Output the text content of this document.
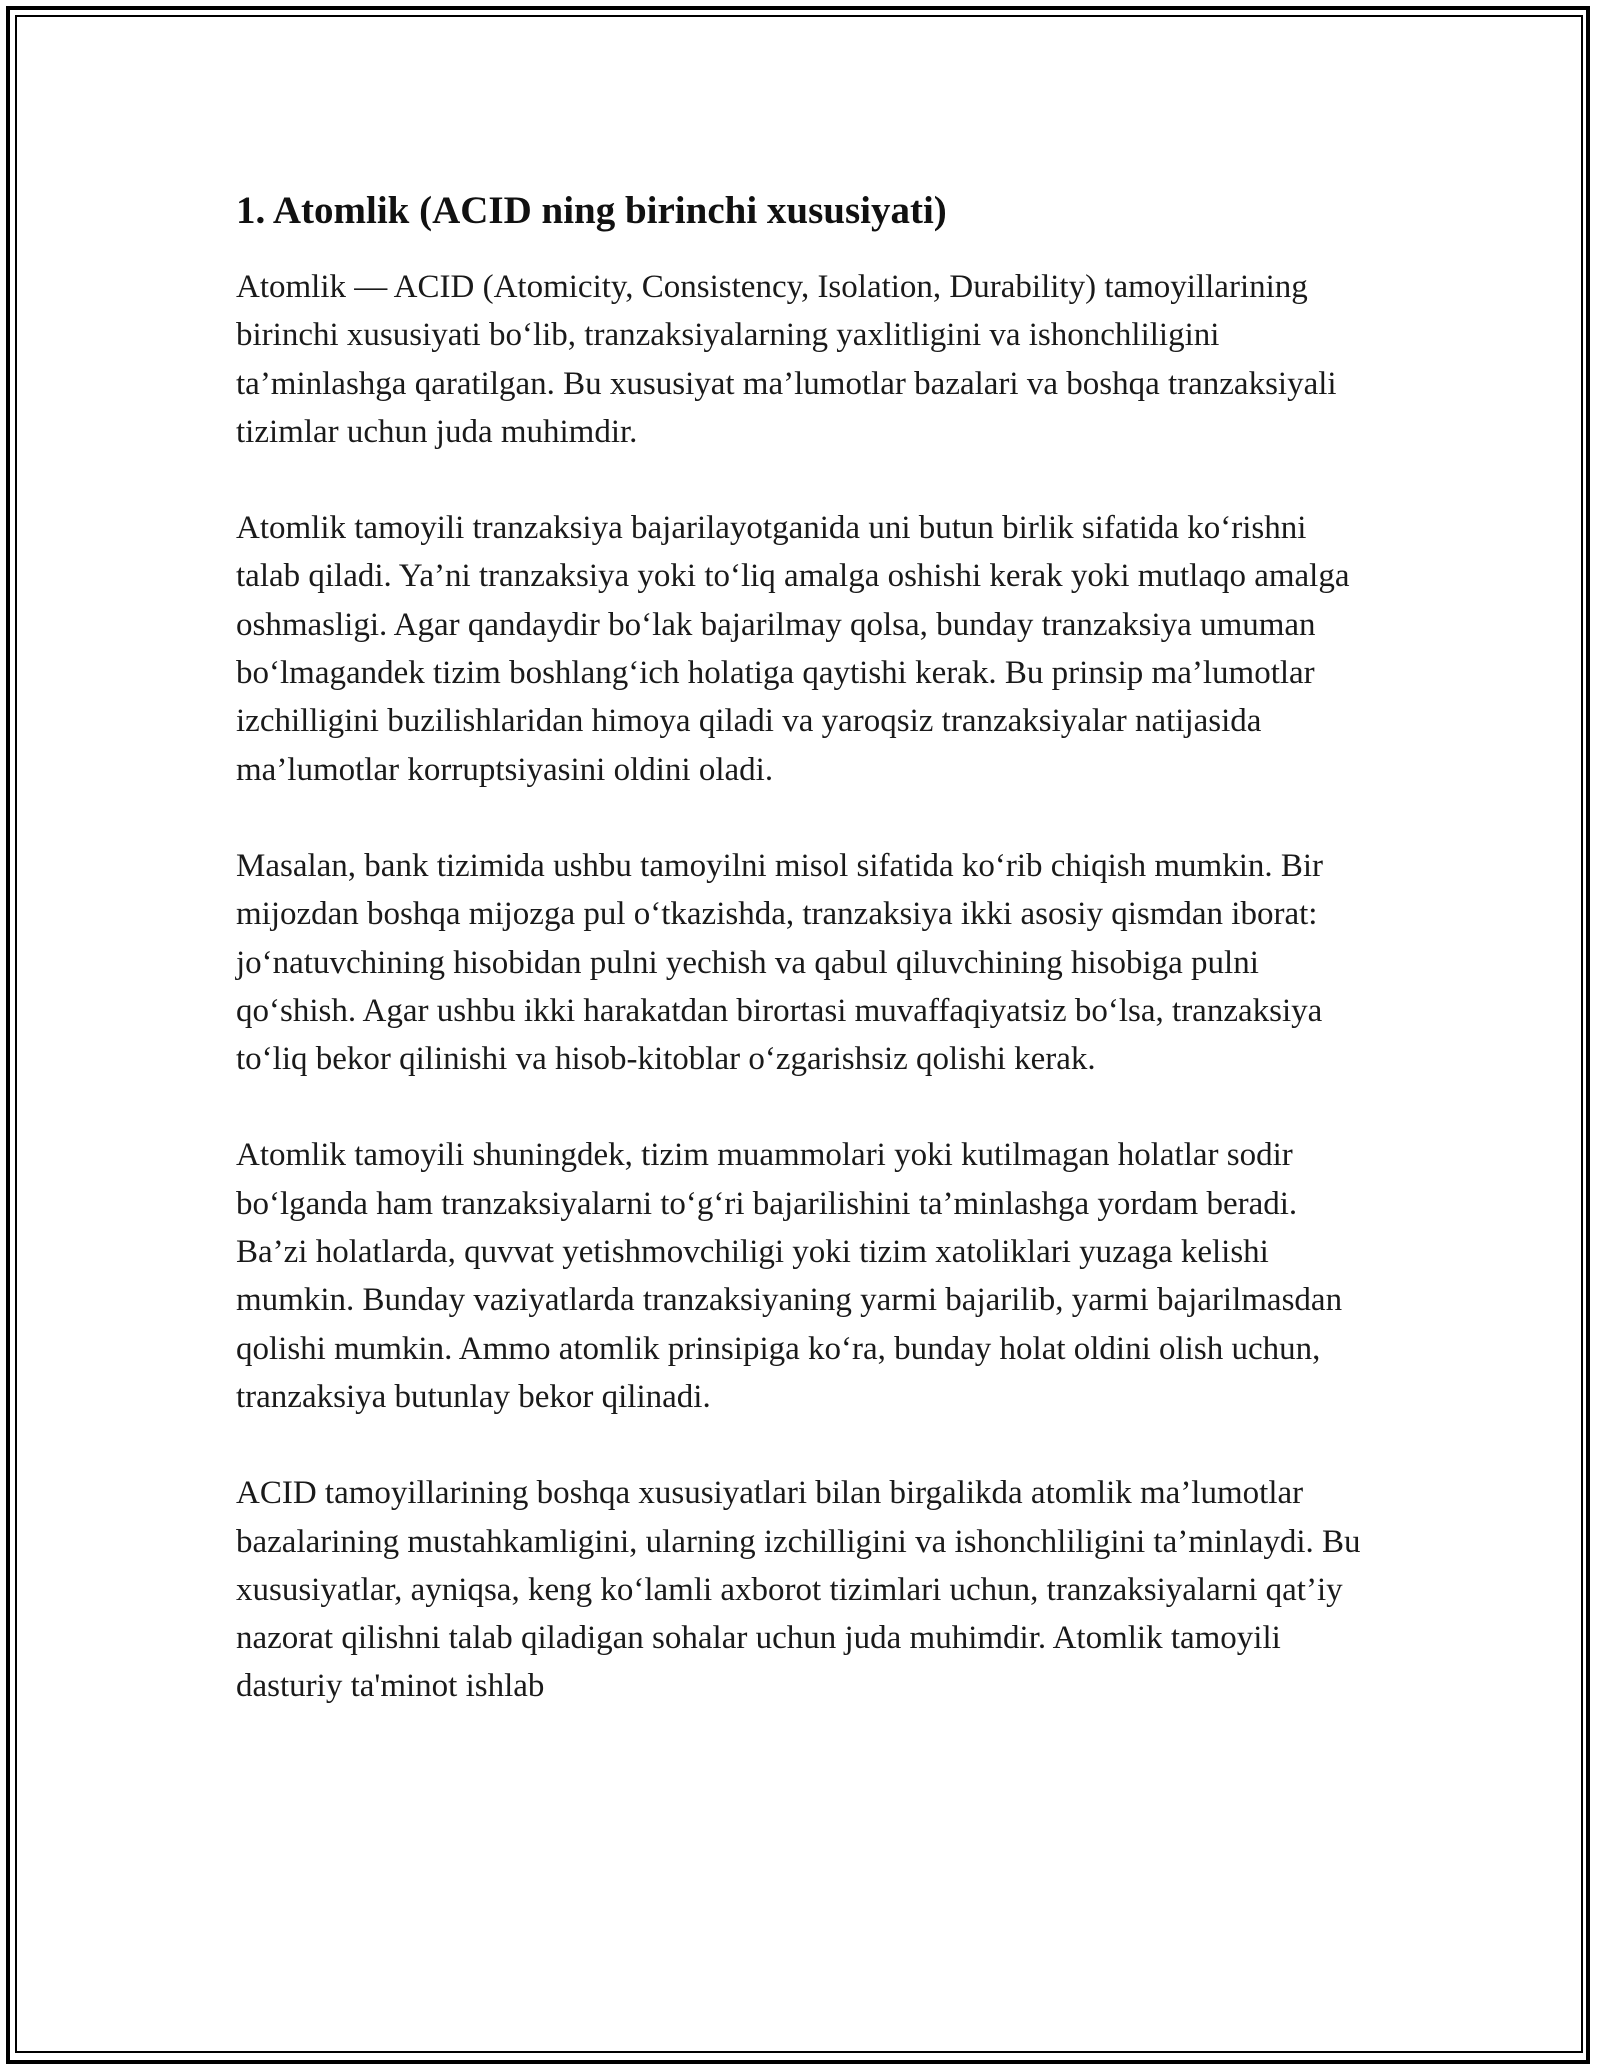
1. Atomlik (ACID ning birinchi xususiyati)

Atomlik — ACID (Atomicity, Consistency, Isolation, Durability) tamoyillarining birinchi xususiyati bo‘lib, tranzaksiyalarning yaxlitligini va ishonchliligini ta’minlashga qaratilgan. Bu xususiyat ma’lumotlar bazalari va boshqa tranzaksiyali tizimlar uchun juda muhimdir.

Atomlik tamoyili tranzaksiya bajarilayotganida uni butun birlik sifatida ko‘rishni talab qiladi. Ya’ni tranzaksiya yoki to‘liq amalga oshishi kerak yoki mutlaqo amalga oshmasligi. Agar qandaydir bo‘lak bajarilmay qolsa, bunday tranzaksiya umuman bo‘lmagandek tizim boshlang‘ich holatiga qaytishi kerak. Bu prinsip ma’lumotlar izchilligini buzilishlaridan himoya qiladi va yaroqsiz tranzaksiyalar natijasida ma’lumotlar korruptsiyasini oldini oladi.

Masalan, bank tizimida ushbu tamoyilni misol sifatida ko‘rib chiqish mumkin. Bir mijozdan boshqa mijozga pul o‘tkazishda, tranzaksiya ikki asosiy qismdan iborat: jo‘natuvchining hisobidan pulni yechish va qabul qiluvchining hisobiga pulni qo‘shish. Agar ushbu ikki harakatdan birortasi muvaffaqiyatsiz bo‘lsa, tranzaksiya to‘liq bekor qilinishi va hisob-kitoblar o‘zgarishsiz qolishi kerak.

Atomlik tamoyili shuningdek, tizim muammolari yoki kutilmagan holatlar sodir bo‘lganda ham tranzaksiyalarni to‘g‘ri bajarilishini ta’minlashga yordam beradi. Ba’zi holatlarda, quvvat yetishmovchiligi yoki tizim xatoliklari yuzaga kelishi mumkin. Bunday vaziyatlarda tranzaksiyaning yarmi bajarilib, yarmi bajarilmasdan qolishi mumkin. Ammo atomlik prinsipiga ko‘ra, bunday holat oldini olish uchun, tranzaksiya butunlay bekor qilinadi.

ACID tamoyillarining boshqa xususiyatlari bilan birgalikda atomlik ma’lumotlar bazalarining mustahkamligini, ularning izchilligini va ishonchliligini ta’minlaydi. Bu xususiyatlar, ayniqsa, keng ko‘lamli axborot tizimlari uchun, tranzaksiyalarni qat’iy nazorat qilishni talab qiladigan sohalar uchun juda muhimdir. Atomlik tamoyili dasturiy ta'minot ishlab
